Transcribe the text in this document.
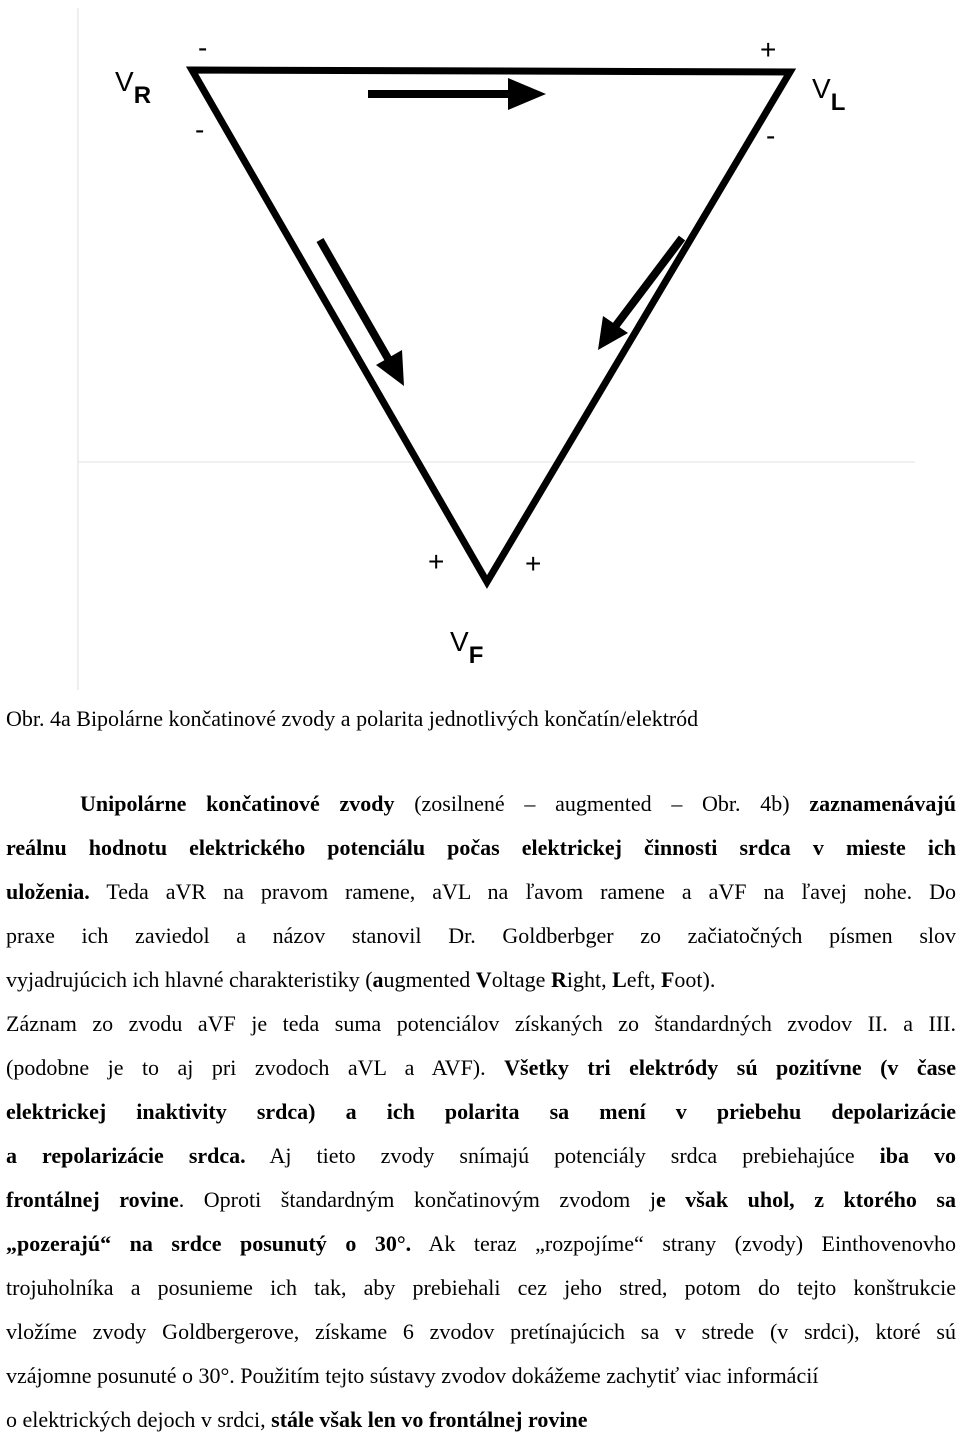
VR	VL
VF
-
-
+
-
+	+
Obr. 4a Bipolárne končatinové zvody a polarita jednotlivých končatín/elektród
Unipolárne končatinové zvody (zosilnené – augmented – Obr. 4b) zaznamenávajú
reálnu hodnotu elektrického potenciálu počas elektrickej činnosti srdca v mieste ich
uloženia. Teda aVR na pravom ramene, aVL na ľavom ramene a aVF na ľavej nohe. Do
praxe ich zaviedol a názov stanovil Dr. Goldberbger zo začiatočných písmen slov
vyjadrujúcich ich hlavné charakteristiky (augmented Voltage Right, Left, Foot).
Záznam zo zvodu aVF je teda suma potenciálov získaných zo štandardných zvodov II. a III.
(podobne je to aj pri zvodoch aVL a AVF). Všetky tri elektródy sú pozitívne (v čase
elektrickej inaktivity srdca) a ich polarita sa mení v priebehu depolarizácie
a repolarizácie srdca. Aj tieto zvody snímajú potenciály srdca prebiehajúce iba vo
frontálnej rovine. Oproti štandardným končatinovým zvodom je však uhol, z ktorého sa
„pozerajú“ na srdce posunutý o 30°. Ak teraz „rozpojíme“ strany (zvody) Einthovenovho
trojuholníka a posunieme ich tak, aby prebiehali cez jeho stred, potom do tejto konštrukcie
vložíme zvody Goldbergerove, získame 6 zvodov pretínajúcich sa v strede (v srdci), ktoré sú
vzájomne posunuté o 30°. Použitím tejto sústavy zvodov dokážeme zachytiť viac informácií
o elektrických dejoch v srdci, stále však len vo frontálnej rovine
